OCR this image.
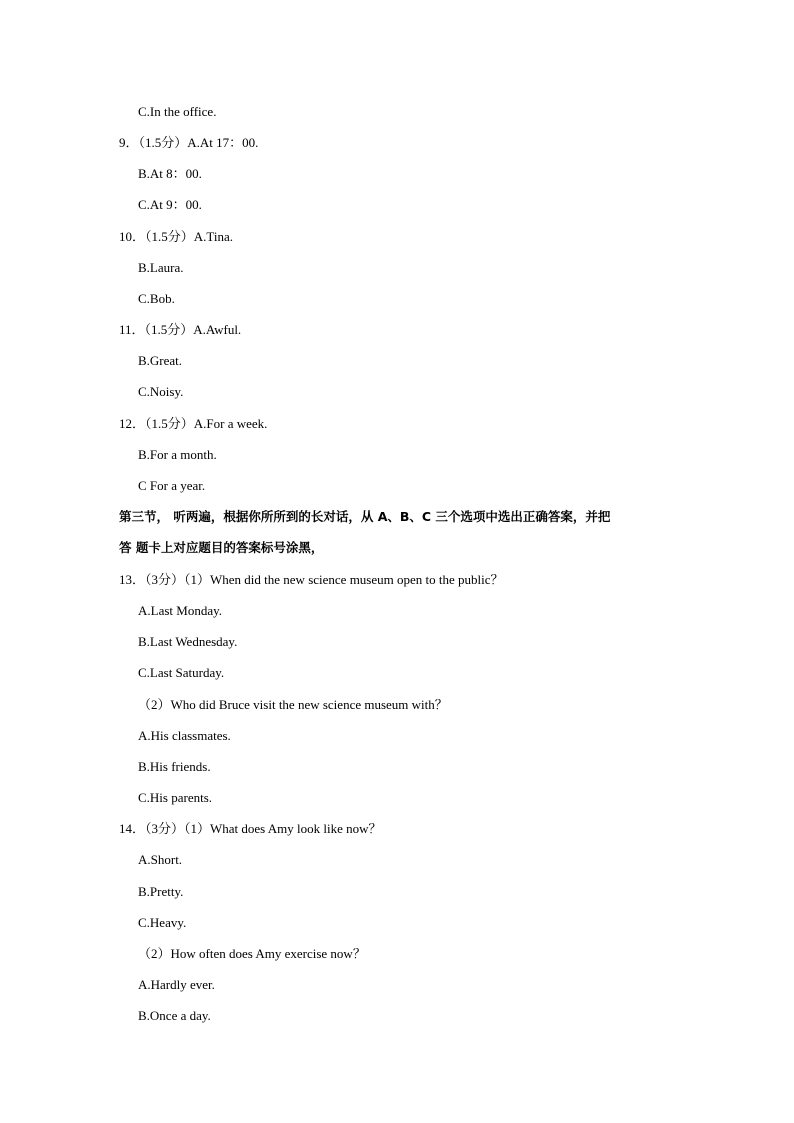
C.In the office.
9．（1.5分）A.At 17：00.
B.At 8：00.
C.At 9：00.
10．（1.5分）A.Tina.
B.Laura.
C.Bob.
11．（1.5分）A.Awful.
B.Great.
C.Noisy.
12．（1.5分）A.For a week.
B.For a month.
C For a year.
第三节， 听两遍，根据你所所到的长对话，从 A、B、C 三个选项中选出正确答案，并把
答 题卡上对应题目的答案标号涂黑，
13．（3分）（1）When did the new science museum open to the public？
A.Last Monday.
B.Last Wednesday.
C.Last Saturday.
（2）Who did Bruce visit the new science museum with？
A.His classmates.
B.His friends.
C.His parents.
14．（3分）（1）What does Amy look like now？
A.Short.
B.Pretty.
C.Heavy.
（2）How often does Amy exercise now？
A.Hardly ever.
B.Once a day.
